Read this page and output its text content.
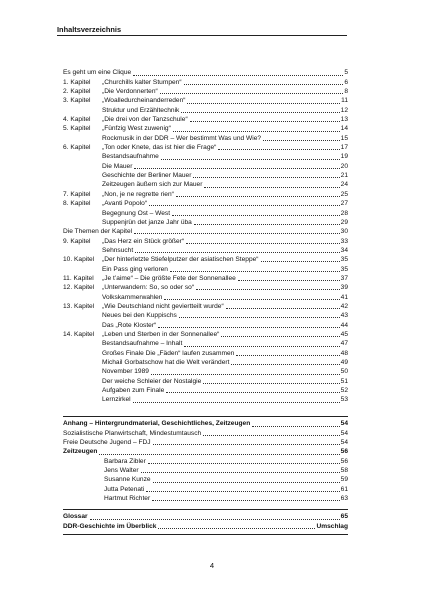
Inhaltsverzeichnis
Es geht um eine Clique	5
1. Kapitel	„Churchills kalter Stumpen“	6
2. Kapitel	„Die Verdonnerten“	8
3. Kapitel	„Woalledurcheinanderreden“	11
Struktur und Erzähltechnik	12
4. Kapitel	„Die drei von der Tanzschule“	13
5. Kapitel	„Fünfzig West zuwenig“	14
Rockmusik in der DDR – Wer bestimmt Was und Wie?	15
6. Kapitel	„Ton oder Knete, das ist hier die Frage“	17
Bestandsaufnahme	19
Die Mauer	20
Geschichte der Berliner Mauer	21
Zeitzeugen äußern sich zur Mauer	24
7. Kapitel	„Non, je ne regrette rien“	25
8. Kapitel	„Avanti Popolo“	27
Begegnung Ost – West	28
Suppenjrün det janze Jahr übа	29
Die Themen der Kapitel	30
9. Kapitel	„Das Herz ein Stück größer“	33
Sehnsucht	34
10. Kapitel	„Der hinterletzte Stiefelputzer der asiatischen Steppe“	35
Ein Pass ging verloren	35
11. Kapitel	„Je t’aime“ – Die größte Fete der Sonnenallee	37
12. Kapitel	„Unterwandern: So, so oder so“	39
Volkskammerwahlen	41
13. Kapitel	„Wie Deutschland nicht geviertteilt wurde“	42
Neues bei den Kuppischs	43
Das „Rote Kloster“	44
14. Kapitel	„Leben und Sterben in der Sonnenallee“	45
Bestandsaufnahme – Inhalt	47
Großes Finale Die „Fäden“ laufen zusammen	48
Michail Gorbatschow hat die Welt verändert	49
November 1989	50
Der weiche Schleier der Nostalgie	51
Aufgaben zum Finale	52
Lernzirkel	53
Anhang – Hintergrundmaterial, Geschichtliches, Zeitzeugen	54
Sozialistische Planwirtschaft, Mindestumtausch	54
Freie Deutsche Jugend – FDJ	54
Zeitzeugen	56
Barbara Zibler	56
Jens Walter	58
Susanne Kunze	59
Jutta Petenati	61
Hartmut Richter	63
Glossar	65
DDR-Geschichte im Überblick	Umschlag
4
